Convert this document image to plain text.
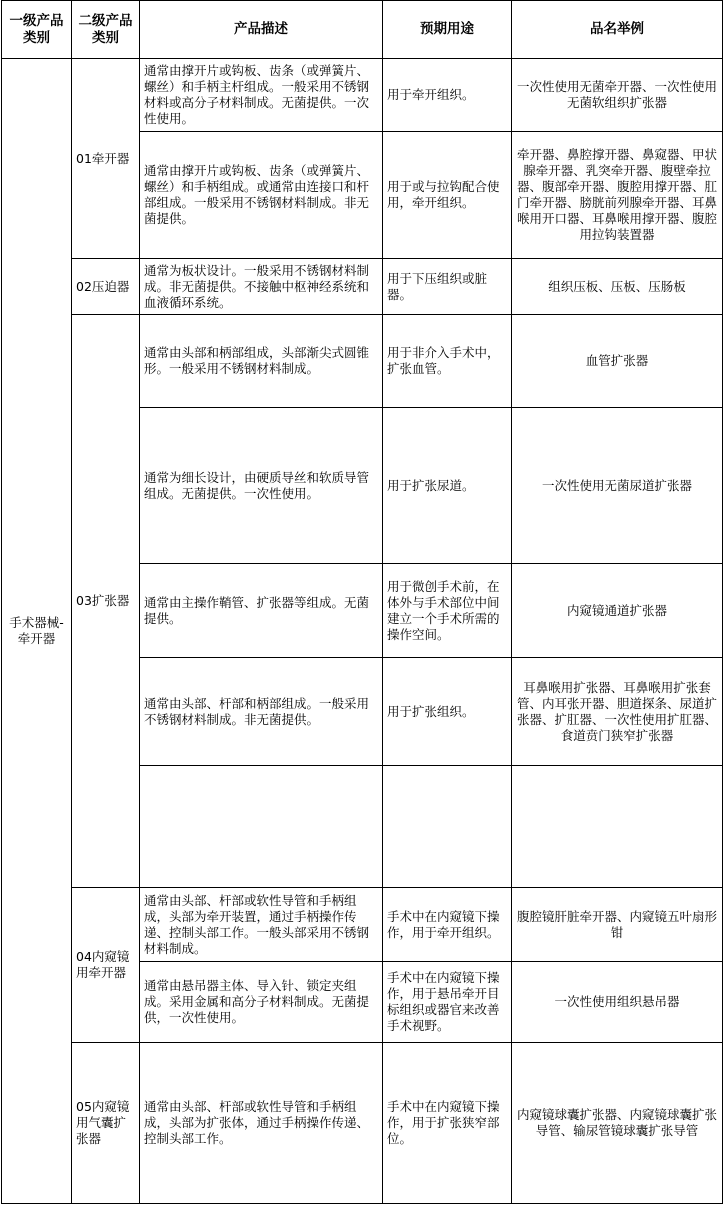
一级产品类别	二级产品类别	产品描述	预期用途	品名举例
手术器械-牵开器	01牵开器	通常由撑开片或钩板、齿条（或弹簧片、螺丝）和手柄主杆组成。一般采用不锈钢材料或高分子材料制成。无菌提供。一次性使用。	用于牵开组织。	一次性使用无菌牵开器、一次性使用无菌软组织扩张器
		通常由撑开片或钩板、齿条（或弹簧片、螺丝）和手柄组成。或通常由连接口和杆部组成。一般采用不锈钢材料制成。非无菌提供。	用于或与拉钩配合使用，牵开组织。	牵开器、鼻腔撑开器、鼻窥器、甲状腺牵开器、乳突牵开器、腹壁牵拉器、腹部牵开器、腹腔用撑开器、肛门牵开器、膀胱前列腺牵开器、耳鼻喉用开口器、耳鼻喉用撑开器、腹腔用拉钩装置器
	02压迫器	通常为板状设计。一般采用不锈钢材料制成。非无菌提供。不接触中枢神经系统和血液循环系统。	用于下压组织或脏器。	组织压板、压板、压肠板
	03扩张器	通常由头部和柄部组成，头部渐尖式圆锥形。一般采用不锈钢材料制成。	用于非介入手术中，扩张血管。	血管扩张器
		通常为细长设计，由硬质导丝和软质导管组成。无菌提供。一次性使用。	用于扩张尿道。	一次性使用无菌尿道扩张器
		通常由主操作鞘管、扩张器等组成。无菌提供。	用于微创手术前，在体外与手术部位中间建立一个手术所需的操作空间。	内窥镜通道扩张器
		通常由头部、杆部和柄部组成。一般采用不锈钢材料制成。非无菌提供。	用于扩张组织。	耳鼻喉用扩张器、耳鼻喉用扩张套管、内耳张开器、胆道探条、尿道扩张器、扩肛器、一次性使用扩肛器、食道贲门狭窄扩张器

	04内窥镜用牵开器	通常由头部、杆部或软性导管和手柄组成，头部为牵开装置，通过手柄操作传递、控制头部工作。一般头部采用不锈钢材料制成。	手术中在内窥镜下操作，用于牵开组织。	腹腔镜肝脏牵开器、内窥镜五叶扇形钳
		通常由悬吊器主体、导入针、锁定夹组成。采用金属和高分子材料制成。无菌提供，一次性使用。	手术中在内窥镜下操作，用于悬吊牵开目标组织或器官来改善手术视野。	一次性使用组织悬吊器
	05内窥镜用气囊扩张器	通常由头部、杆部或软性导管和手柄组成，头部为扩张体，通过手柄操作传递、控制头部工作。	手术中在内窥镜下操作，用于扩张狭窄部位。	内窥镜球囊扩张器、内窥镜球囊扩张导管、输尿管镜球囊扩张导管
